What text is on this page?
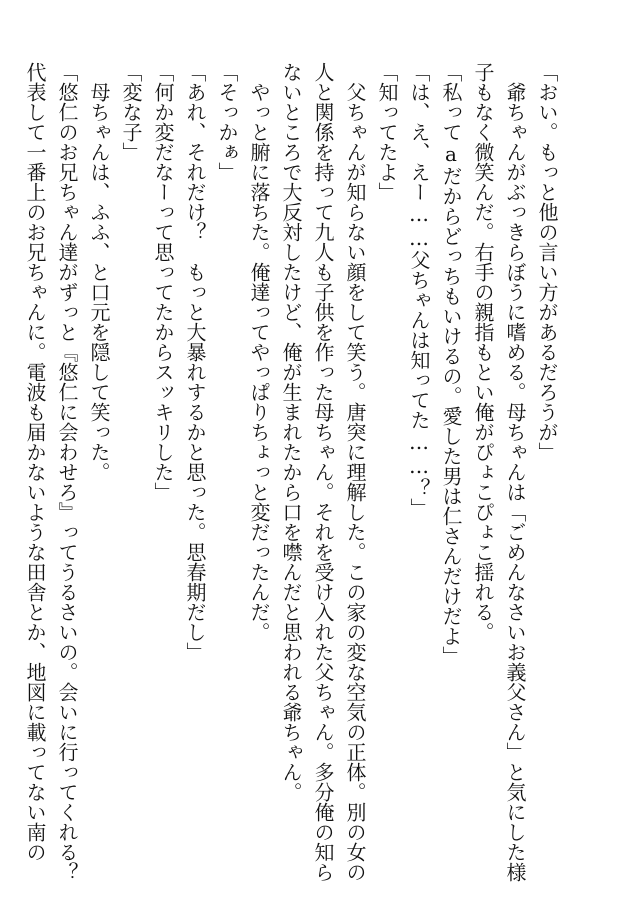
「おい。もっと他の言い方があるだろうが」
爺ちゃんがぶっきらぼうに嗜める。母ちゃんは「ごめんなさいお義父さん」と気にした様
子もなく微笑んだ。右手の親指もとい俺がぴょこぴょこ揺れる。
「私ってaだからどっちもいけるの。愛した男は仁さんだけだよ」
「は、え、えー……父ちゃんは知ってた……？」
「知ってたよ」
父ちゃんが知らない顔をして笑う。唐突に理解した。この家の変な空気の正体。別の女の
人と関係を持って九人も子供を作った母ちゃん。それを受け入れた父ちゃん。多分俺の知ら
ないところで大反対したけど、俺が生まれたから口を噤んだと思われる爺ちゃん。
やっと腑に落ちた。俺達ってやっぱりちょっと変だったんだ。
「そっかぁ」
「あれ、それだけ？　もっと大暴れするかと思った。思春期だし」
「何か変だなーって思ってたからスッキリした」
「変な子」
母ちゃんは、ふふ、と口元を隠して笑った。
「悠仁のお兄ちゃん達がずっと『悠仁に会わせろ』ってうるさいの。会いに行ってくれる？
代表して一番上のお兄ちゃんに。電波も届かないような田舎とか、地図に載ってない南の
